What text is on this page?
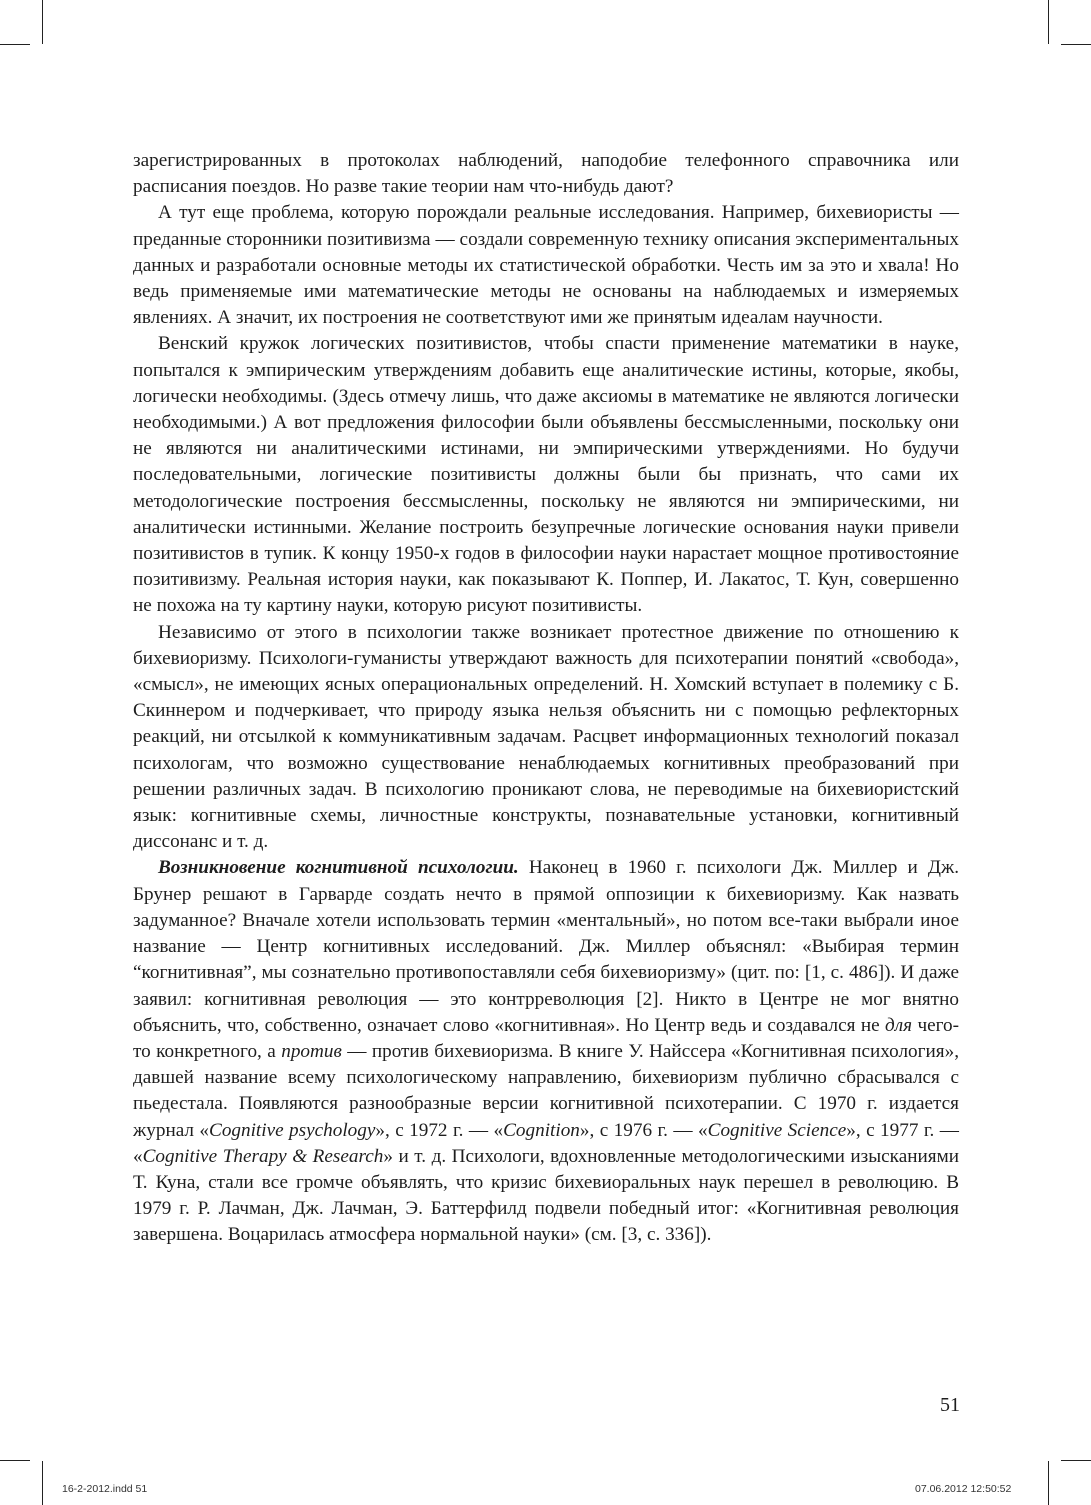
зарегистрированных в протоколах наблюдений, наподобие телефонного справочника или расписания поездов. Но разве такие теории нам что-нибудь дают?

А тут еще проблема, которую порождали реальные исследования. Например, бихевиористы — преданные сторонники позитивизма — создали современную технику описания экспериментальных данных и разработали основные методы их статистической обработки. Честь им за это и хвала! Но ведь применяемые ими математические методы не основаны на наблюдаемых и измеряемых явлениях. А значит, их построения не соответствуют ими же принятым идеалам научности.

Венский кружок логических позитивистов, чтобы спасти применение математики в науке, попытался к эмпирическим утверждениям добавить еще аналитические истины, которые, якобы, логически необходимы. (Здесь отмечу лишь, что даже аксиомы в математике не являются логически необходимыми.) А вот предложения философии были объявлены бессмысленными, поскольку они не являются ни аналитическими истинами, ни эмпирическими утверждениями. Но будучи последовательными, логические позитивисты должны были бы признать, что сами их методологические построения бессмысленны, поскольку не являются ни эмпирическими, ни аналитически истинными. Желание построить безупречные логические основания науки привели позитивистов в тупик. К концу 1950-х годов в философии науки нарастает мощное противостояние позитивизму. Реальная история науки, как показывают К. Поппер, И. Лакатос, Т. Кун, совершенно не похожа на ту картину науки, которую рисуют позитивисты.

Независимо от этого в психологии также возникает протестное движение по отношению к бихевиоризму. Психологи-гуманисты утверждают важность для психотерапии понятий «свобода», «смысл», не имеющих ясных операциональных определений. Н. Хомский вступает в полемику с Б. Скиннером и подчеркивает, что природу языка нельзя объяснить ни с помощью рефлекторных реакций, ни отсылкой к коммуникативным задачам. Расцвет информационных технологий показал психологам, что возможно существование ненаблюдаемых когнитивных преобразований при решении различных задач. В психологию проникают слова, не переводимые на бихевиористский язык: когнитивные схемы, личностные конструкты, познавательные установки, когнитивный диссонанс и т. д.

Возникновение когнитивной психологии. Наконец в 1960 г. психологи Дж. Миллер и Дж. Брунер решают в Гарварде создать нечто в прямой оппозиции к бихевиоризму. Как назвать задуманное? Вначале хотели использовать термин «ментальный», но потом все-таки выбрали иное название — Центр когнитивных исследований. Дж. Миллер объяснял: «Выбирая термин “когнитивная”, мы сознательно противопоставляли себя бихевиоризму» (цит. по: [1, с. 486]). И даже заявил: когнитивная революция — это контрреволюция [2]. Никто в Центре не мог внятно объяснить, что, собственно, означает слово «когнитивная». Но Центр ведь и создавался не для чего-то конкретного, а против — против бихевиоризма. В книге У. Найссера «Когнитивная психология», давшей название всему психологическому направлению, бихевиоризм публично сбрасывался с пьедестала. Появляются разнообразные версии когнитивной психотерапии. С 1970 г. издается журнал «Cognitive psychology», с 1972 г. — «Cognition», с 1976 г. — «Cognitive Science», с 1977 г. — «Cognitive Therapy & Research» и т. д. Психологи, вдохновленные методологическими изысканиями Т. Куна, стали все громче объявлять, что кризис бихевиоральных наук перешел в революцию. В 1979 г. Р. Лачман, Дж. Лачман, Э. Баттерфилд подвели победный итог: «Когнитивная революция завершена. Воцарилась атмосфера нормальной науки» (см. [3, с. 336]).

51
16-2-2012.indd 51	07.06.2012 12:50:52
